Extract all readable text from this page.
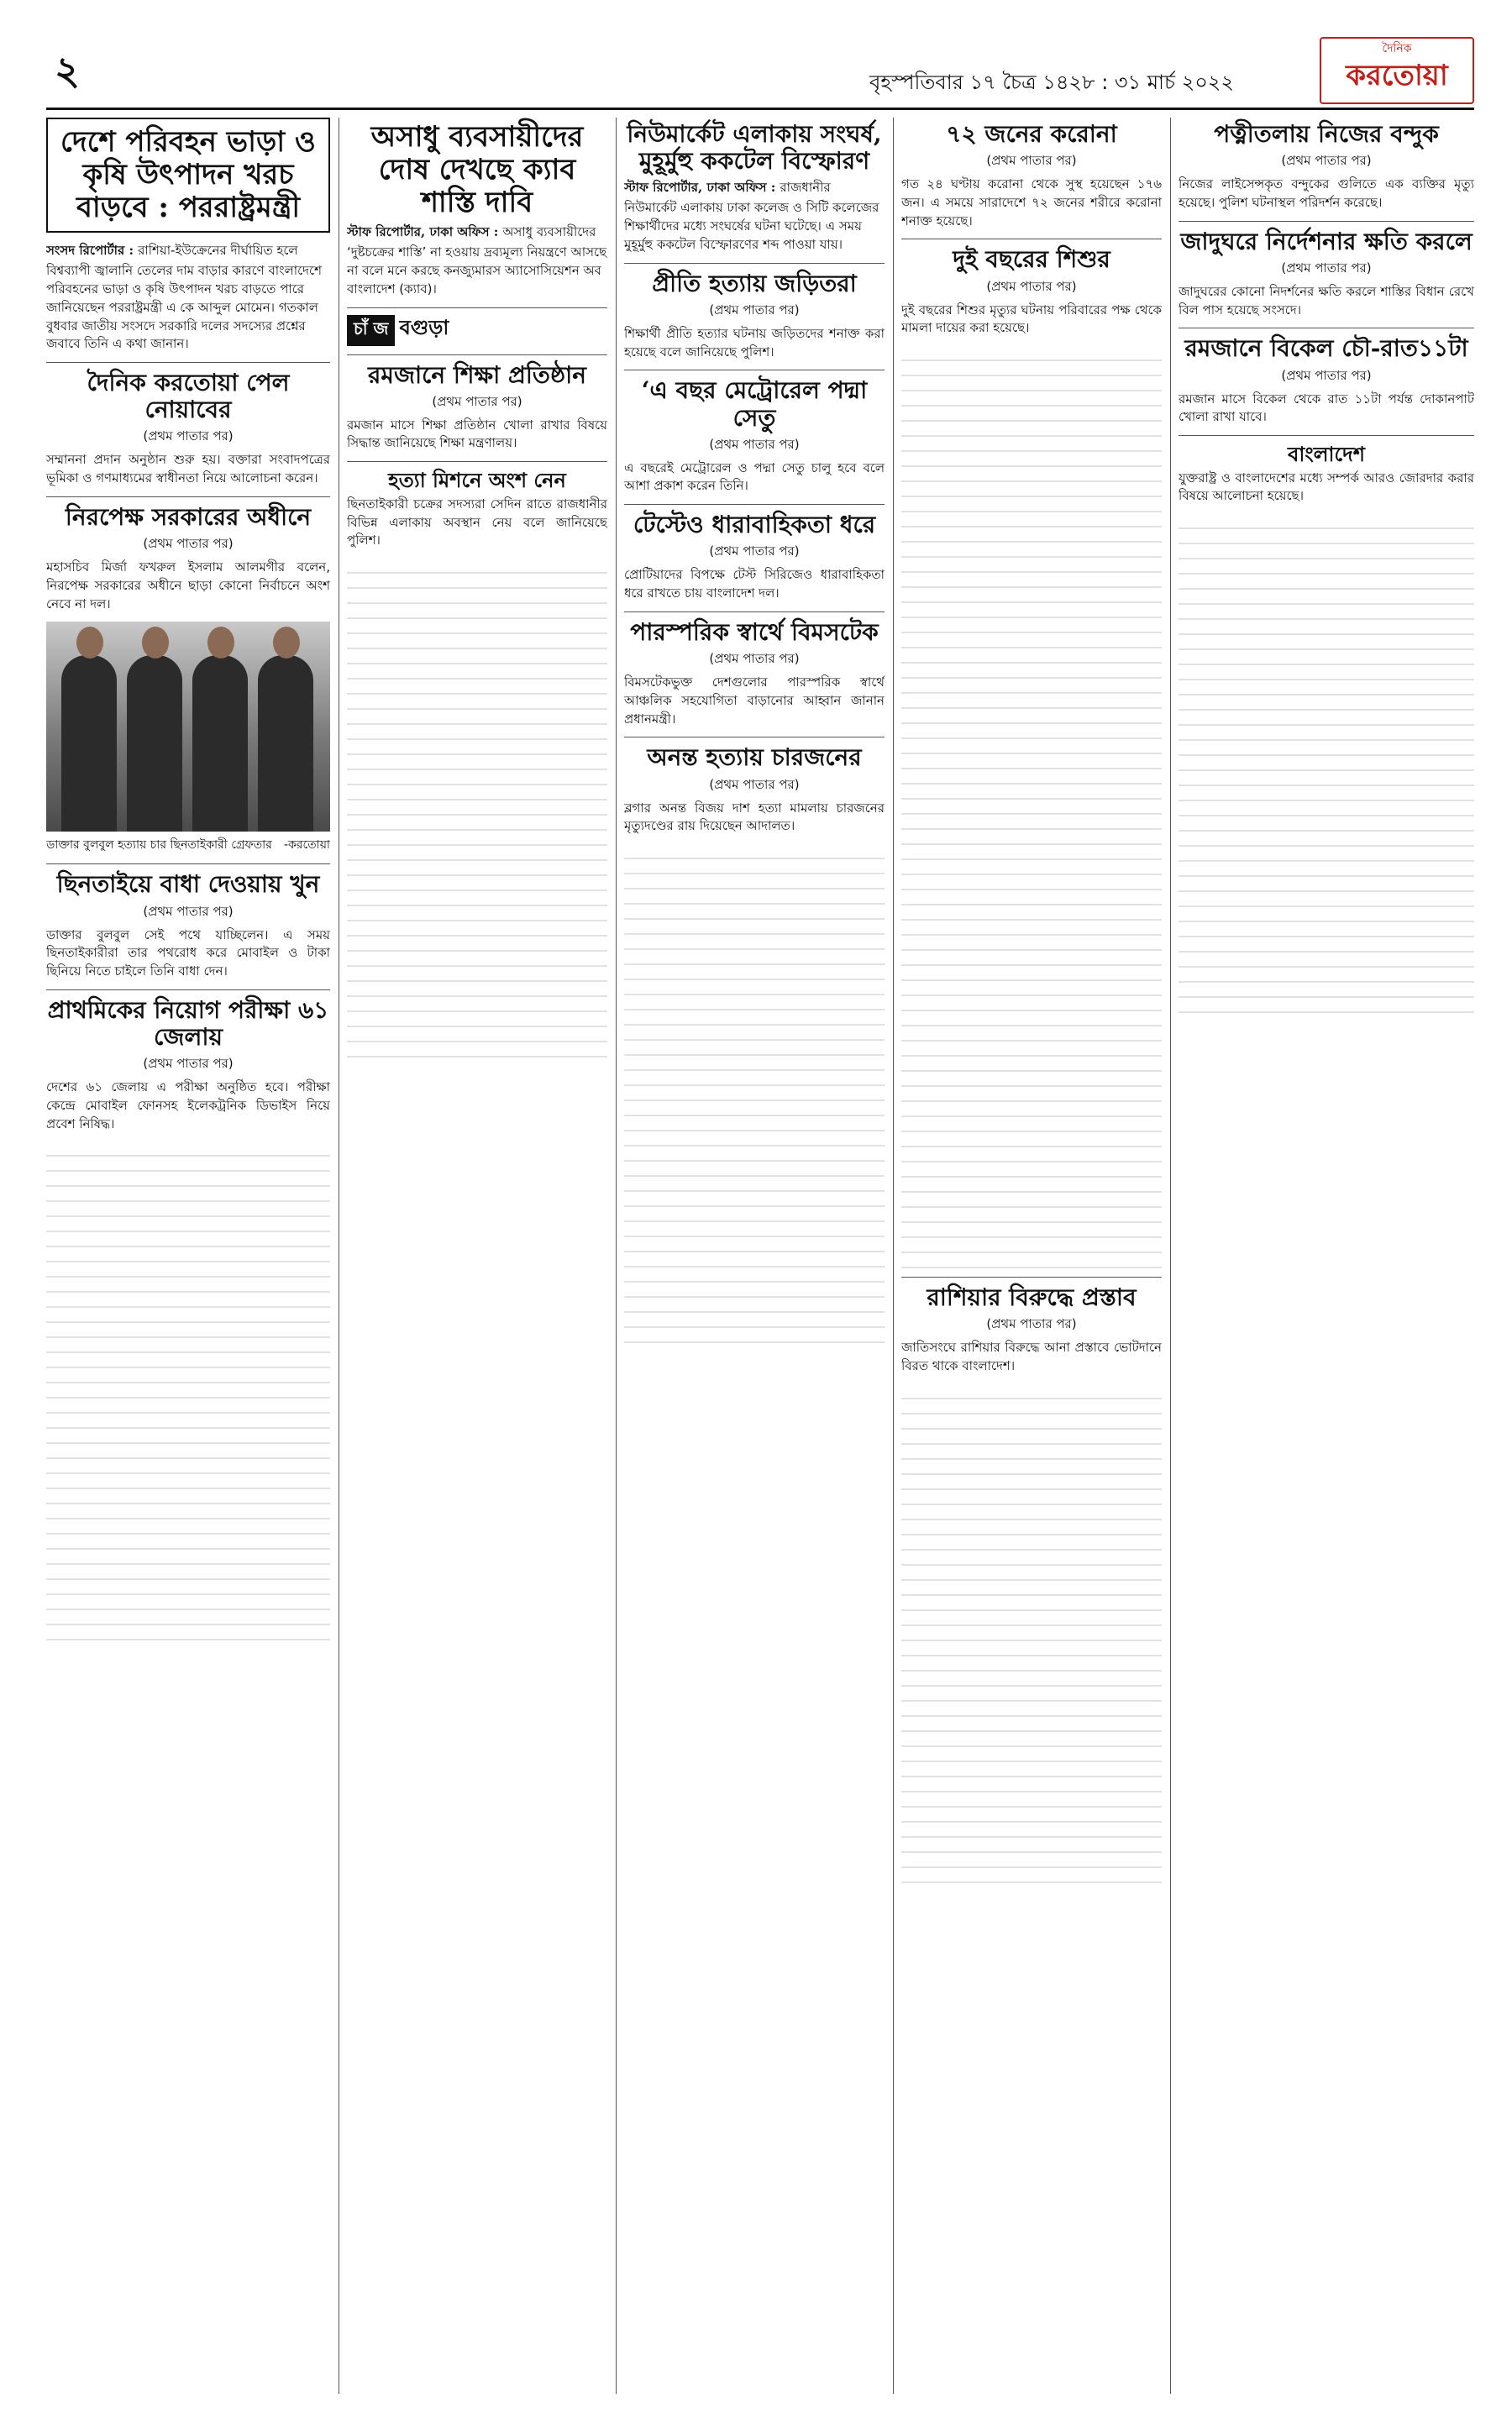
২	বৃহস্পতিবার ১৭ চৈত্র ১৪২৮ : ৩১ মার্চ ২০২২
দৈনিক
করতোয়া
দেশে পরিবহন ভাড়া ও কৃষি উৎপাদন খরচ বাড়বে : পররাষ্ট্রমন্ত্রী
সংসদ রিপোর্টার : রাশিয়া-ইউক্রেনের দীর্ঘায়িত হলে বিশ্বব্যাপী জ্বালানি তেলের দাম বাড়ার কারণে বাংলাদেশে পরিবহনের ভাড়া ও কৃষি উৎপাদন খরচ বাড়তে পারে জানিয়েছেন পররাষ্ট্রমন্ত্রী এ কে আব্দুল মোমেন। গতকাল বুধবার জাতীয় সংসদে সরকারি দলের সদস্যের প্রশ্নের জবাবে তিনি এ কথা জানান।
দৈনিক করতোয়া পেল নোয়াবের
(প্রথম পাতার পর)
সম্মাননা প্রদান অনুষ্ঠান শুরু হয়। বক্তারা সংবাদপত্রের ভূমিকা ও গণমাধ্যমের স্বাধীনতা নিয়ে আলোচনা করেন।
নিরপেক্ষ সরকারের অধীনে
(প্রথম পাতার পর)
মহাসচিব মির্জা ফখরুল ইসলাম আলমগীর বলেন, নিরপেক্ষ সরকারের অধীনে ছাড়া কোনো নির্বাচনে অংশ নেবে না দল।
ডাক্তার বুলবুল হত্যায় চার ছিনতাইকারী গ্রেফতার -করতোয়া
ছিনতাইয়ে বাধা দেওয়ায় খুন
(প্রথম পাতার পর)
ডাক্তার বুলবুল সেই পথে যাচ্ছিলেন। এ সময় ছিনতাইকারীরা তার পথরোধ করে মোবাইল ও টাকা ছিনিয়ে নিতে চাইলে তিনি বাধা দেন।
প্রাথমিকের নিয়োগ পরীক্ষা ৬১ জেলায়
(প্রথম পাতার পর)
দেশের ৬১ জেলায় এ পরীক্ষা অনুষ্ঠিত হবে। পরীক্ষা কেন্দ্রে মোবাইল ফোনসহ ইলেকট্রনিক ডিভাইস নিয়ে প্রবেশ নিষিদ্ধ।
অসাধু ব্যবসায়ীদের দোষ দেখছে ক্যাব শাস্তি দাবি
স্টাফ রিপোর্টার, ঢাকা অফিস : অসাধু ব্যবসায়ীদের ‘দুষ্টচক্রের শাস্তি’ না হওয়ায় দ্রব্যমূল্য নিয়ন্ত্রণে আসছে না বলে মনে করছে কনজ্যুমারস অ্যাসোসিয়েশন অব বাংলাদেশ (ক্যাব)।
চাঁ জ বগুড়া
রমজানে শিক্ষা প্রতিষ্ঠান
(প্রথম পাতার পর)
রমজান মাসে শিক্ষা প্রতিষ্ঠান খোলা রাখার বিষয়ে সিদ্ধান্ত জানিয়েছে শিক্ষা মন্ত্রণালয়।
হত্যা মিশনে অংশ নেন
ছিনতাইকারী চক্রের সদস্যরা সেদিন রাতে রাজধানীর বিভিন্ন এলাকায় অবস্থান নেয় বলে জানিয়েছে পুলিশ।
নিউমার্কেট এলাকায় সংঘর্ষ, মুহূর্মুহু ককটেল বিস্ফোরণ
স্টাফ রিপোর্টার, ঢাকা অফিস : রাজধানীর নিউমার্কেট এলাকায় ঢাকা কলেজ ও সিটি কলেজের শিক্ষার্থীদের মধ্যে সংঘর্ষের ঘটনা ঘটেছে। এ সময় মুহূর্মুহু ককটেল বিস্ফোরণের শব্দ পাওয়া যায়।
প্রীতি হত্যায় জড়িতরা
(প্রথম পাতার পর)
শিক্ষার্থী প্রীতি হত্যার ঘটনায় জড়িতদের শনাক্ত করা হয়েছে বলে জানিয়েছে পুলিশ।
‘এ বছর মেট্রোরেল পদ্মা সেতু
(প্রথম পাতার পর)
এ বছরেই মেট্রোরেল ও পদ্মা সেতু চালু হবে বলে আশা প্রকাশ করেন তিনি।
টেস্টেও ধারাবাহিকতা ধরে
(প্রথম পাতার পর)
প্রোটিয়াদের বিপক্ষে টেস্ট সিরিজেও ধারাবাহিকতা ধরে রাখতে চায় বাংলাদেশ দল।
পারস্পরিক স্বার্থে বিমসটেক
(প্রথম পাতার পর)
বিমসটেকভুক্ত দেশগুলোর পারস্পরিক স্বার্থে আঞ্চলিক সহযোগিতা বাড়ানোর আহ্বান জানান প্রধানমন্ত্রী।
অনন্ত হত্যায় চারজনের
(প্রথম পাতার পর)
ব্লগার অনন্ত বিজয় দাশ হত্যা মামলায় চারজনের মৃত্যুদণ্ডের রায় দিয়েছেন আদালত।
৭২ জনের করোনা
(প্রথম পাতার পর)
গত ২৪ ঘণ্টায় করোনা থেকে সুস্থ হয়েছেন ১৭৬ জন। এ সময়ে সারাদেশে ৭২ জনের শরীরে করোনা শনাক্ত হয়েছে।
দুই বছরের শিশুর
(প্রথম পাতার পর)
দুই বছরের শিশুর মৃত্যুর ঘটনায় পরিবারের পক্ষ থেকে মামলা দায়ের করা হয়েছে।
রাশিয়ার বিরুদ্ধে প্রস্তাব
(প্রথম পাতার পর)
জাতিসংঘে রাশিয়ার বিরুদ্ধে আনা প্রস্তাবে ভোটদানে বিরত থাকে বাংলাদেশ।
পত্নীতলায় নিজের বন্দুক
(প্রথম পাতার পর)
নিজের লাইসেন্সকৃত বন্দুকের গুলিতে এক ব্যক্তির মৃত্যু হয়েছে। পুলিশ ঘটনাস্থল পরিদর্শন করেছে।
জাদুঘরে নির্দেশনার ক্ষতি করলে
(প্রথম পাতার পর)
জাদুঘরের কোনো নিদর্শনের ক্ষতি করলে শাস্তির বিধান রেখে বিল পাস হয়েছে সংসদে।
রমজানে বিকেল চৌ-রাত১১টা
(প্রথম পাতার পর)
রমজান মাসে বিকেল থেকে রাত ১১টা পর্যন্ত দোকানপাট খোলা রাখা যাবে।
বাংলাদেশ
যুক্তরাষ্ট্র ও বাংলাদেশের মধ্যে সম্পর্ক আরও জোরদার করার বিষয়ে আলোচনা হয়েছে।
